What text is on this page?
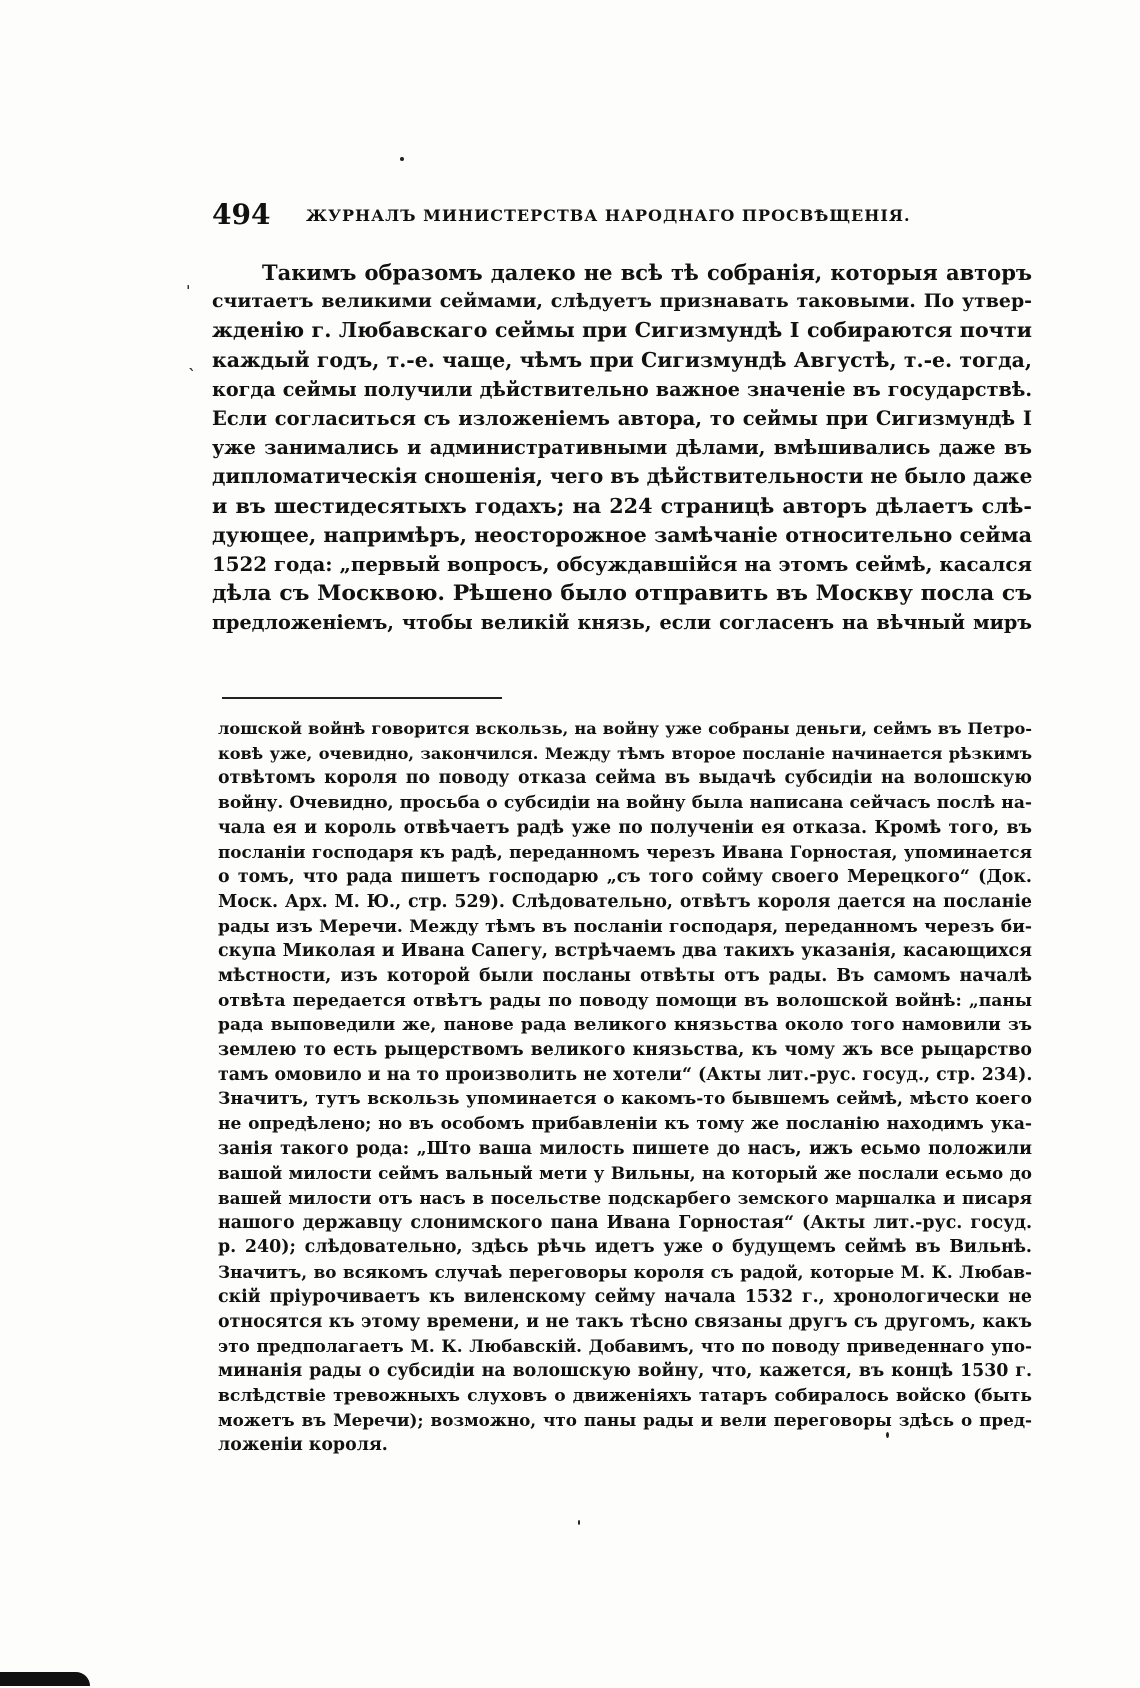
ˈ
ˋ
494 ЖУРНАЛЪ МИНИСТЕРСТВА НАРОДНАГО ПРОСВѢЩЕНІЯ.
Такимъ образомъ далеко не всѣ тѣ собранія, которыя авторъ
считаетъ великими сеймами, слѣдуетъ признавать таковыми. По утвер-
жденію г. Любавскаго сеймы при Сигизмундѣ I собираются почти
каждый годъ, т.-е. чаще, чѣмъ при Сигизмундѣ Августѣ, т.-е. тогда,
когда сеймы получили дѣйствительно важное значеніе въ государствѣ.
Если согласиться съ изложеніемъ автора, то сеймы при Сигизмундѣ I
уже занимались и административными дѣлами, вмѣшивались даже въ
дипломатическія сношенія, чего въ дѣйствительности не было даже
и въ шестидесятыхъ годахъ; на 224 страницѣ авторъ дѣлаетъ слѣ-
дующее, напримѣръ, неосторожное замѣчаніе относительно сейма
1522 года: „первый вопросъ, обсуждавшійся на этомъ сеймѣ, касался
дѣла съ Москвою. Рѣшено было отправить въ Москву посла съ
предложеніемъ, чтобы великій князь, если согласенъ на вѣчный миръ
лошской войнѣ говорится вскользь, на войну уже собраны деньги, сеймъ въ Петро-
ковѣ уже, очевидно, закончился. Между тѣмъ второе посланіе начинается рѣзкимъ
отвѣтомъ короля по поводу отказа сейма въ выдачѣ субсидіи на волошскую
войну. Очевидно, просьба о субсидіи на войну была написана сейчасъ послѣ на-
чала ея и король отвѣчаетъ радѣ уже по полученіи ея отказа. Кромѣ того, въ
посланіи господаря къ радѣ, переданномъ черезъ Ивана Горностая, упоминается
о томъ, что рада пишетъ господарю „съ того сойму своего Мерецкого“ (Док.
Моск. Арх. М. Ю., стр. 529). Слѣдовательно, отвѣтъ короля дается на посланіе
рады изъ Меречи. Между тѣмъ въ посланіи господаря, переданномъ черезъ би-
скупа Миколая и Ивана Сапегу, встрѣчаемъ два такихъ указанія, касающихся
мѣстности, изъ которой были посланы отвѣты отъ рады. Въ самомъ началѣ
отвѣта передается отвѣтъ рады по поводу помощи въ волошской войнѣ: „паны
рада выповедили же, панове рада великого князьства около того намовили зъ
землею то есть рыцерствомъ великого князьства, къ чому жъ все рыцарство
тамъ омовило и на то произволить не хотели“ (Акты лит.-рус. госуд., стр. 234).
Значитъ, тутъ вскользь упоминается о какомъ-то бывшемъ сеймѣ, мѣсто коего
не опредѣлено; но въ особомъ прибавленіи къ тому же посланію находимъ ука-
занія такого рода: „Што ваша милость пишете до насъ, ижъ есьмо положили
вашой милости сеймъ вальный мети у Вильны, на который же послали есьмо до
вашей милости отъ насъ в посельстве подскарбего земского маршалка и писаря
нашого державцу слонимского пана Ивана Горностая“ (Акты лит.-рус. госуд.
р. 240); слѣдовательно, здѣсь рѣчь идетъ уже о будущемъ сеймѣ въ Вильнѣ.
Значитъ, во всякомъ случаѣ переговоры короля съ радой, которые М. К. Любав-
скій пріурочиваетъ къ виленскому сейму начала 1532 г., хронологически не
относятся къ этому времени, и не такъ тѣсно связаны другъ съ другомъ, какъ
это предполагаетъ М. К. Любавскій. Добавимъ, что по поводу приведеннаго упо-
минанія рады о субсидіи на волошскую войну, что, кажется, въ концѣ 1530 г.
вслѣдствіе тревожныхъ слуховъ о движеніяхъ татаръ собиралось войско (быть
можетъ въ Меречи); возможно, что паны рады и вели переговоры здѣсь о пред-
ложеніи короля.
